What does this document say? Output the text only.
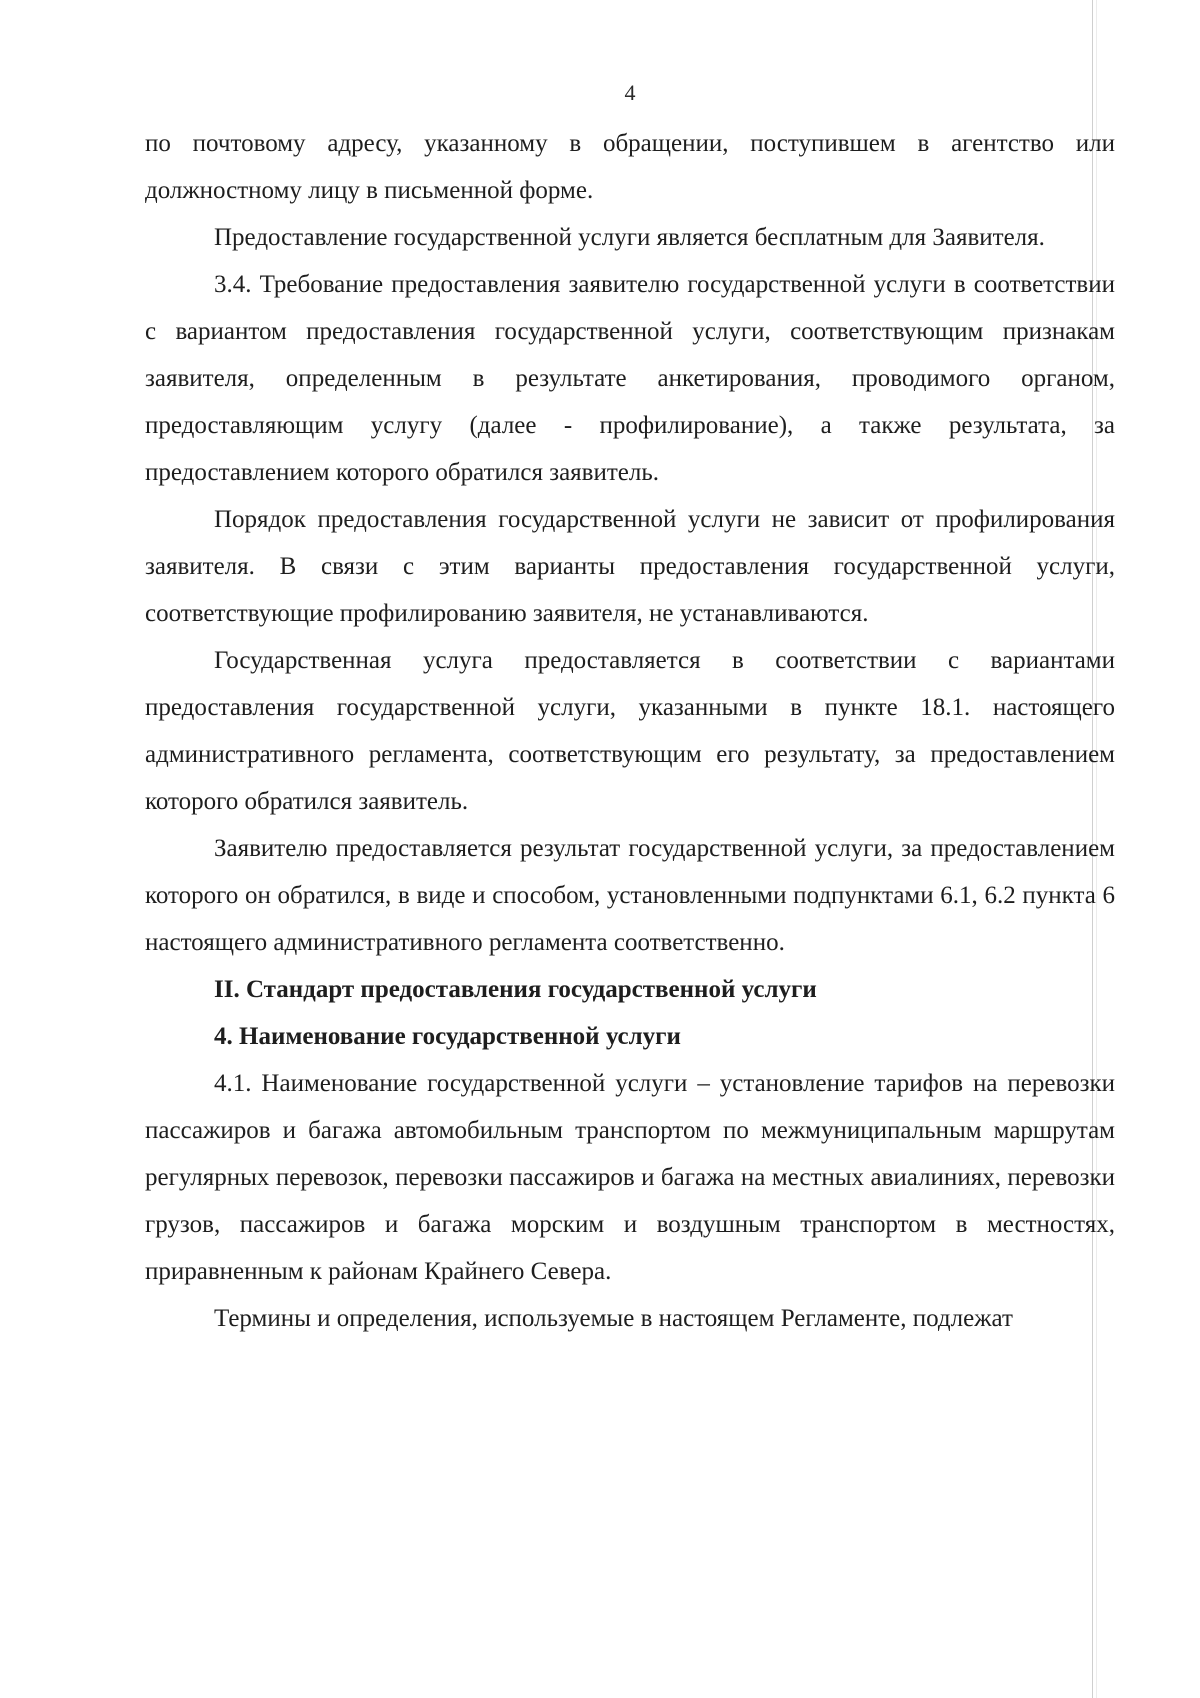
4

по почтовому адресу, указанному в обращении, поступившем в агентство или должностному лицу в письменной форме.

Предоставление государственной услуги является бесплатным для Заявителя.

3.4. Требование предоставления заявителю государственной услуги в соответствии с вариантом предоставления государственной услуги, соответствующим признакам заявителя, определенным в результате анкетирования, проводимого органом, предоставляющим услугу (далее - профилирование), а также результата, за предоставлением которого обратился заявитель.

Порядок предоставления государственной услуги не зависит от профилирования заявителя. В связи с этим варианты предоставления государственной услуги, соответствующие профилированию заявителя, не устанавливаются.

Государственная услуга предоставляется в соответствии с вариантами предоставления государственной услуги, указанными в пункте 18.1. настоящего административного регламента, соответствующим его результату, за предоставлением которого обратился заявитель.

Заявителю предоставляется результат государственной услуги, за предоставлением которого он обратился, в виде и способом, установленными подпунктами 6.1, 6.2 пункта 6 настоящего административного регламента соответственно.

II. Стандарт предоставления государственной услуги

4. Наименование государственной услуги

4.1. Наименование государственной услуги – установление тарифов на перевозки пассажиров и багажа автомобильным транспортом по межмуниципальным маршрутам регулярных перевозок, перевозки пассажиров и багажа на местных авиалиниях, перевозки грузов, пассажиров и багажа морским и воздушным транспортом в местностях, приравненным к районам Крайнего Севера.

Термины и определения, используемые в настоящем Регламенте, подлежат
